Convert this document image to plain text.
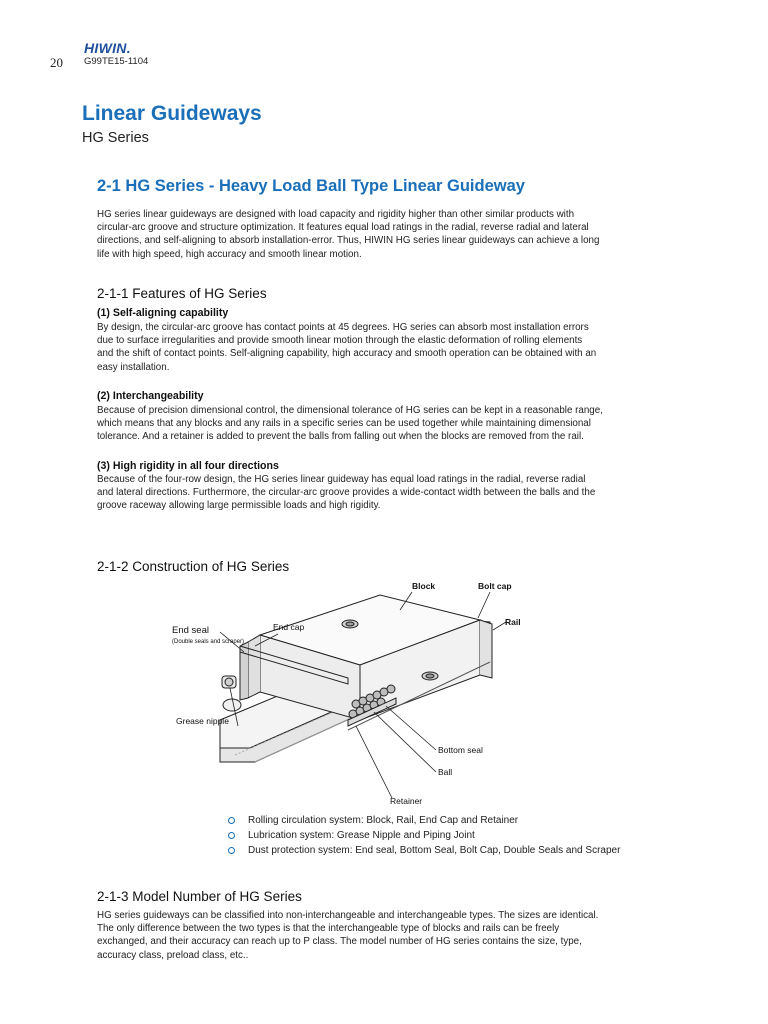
20
HIWIN.
G99TE15-1104
Linear Guideways
HG Series
2-1 HG Series - Heavy Load Ball Type Linear Guideway

HG series linear guideways are designed with load capacity and rigidity higher than other similar products with
circular-arc groove and structure optimization. It features equal load ratings in the radial, reverse radial and lateral
directions, and self-aligning to absorb installation-error. Thus, HIWIN HG series linear guideways can achieve a long
life with high speed, high accuracy and smooth linear motion.

2-1-1 Features of HG Series
(1) Self-aligning capability

By design, the circular-arc groove has contact points at 45 degrees. HG series can absorb most installation errors
due to surface irregularities and provide smooth linear motion through the elastic deformation of rolling elements
and the shift of contact points. Self-aligning capability, high accuracy and smooth operation can be obtained with an
easy installation.

(2) Interchangeability

Because of precision dimensional control, the dimensional tolerance of HG series can be kept in a reasonable range,
which means that any blocks and any rails in a specific series can be used together while maintaining dimensional
tolerance. And a retainer is added to prevent the balls from falling out when the blocks are removed from the rail.

(3) High rigidity in all four directions

Because of the four-row design, the HG series linear guideway has equal load ratings in the radial, reverse radial
and lateral directions. Furthermore, the circular-arc groove provides a wide-contact width between the balls and the
groove raceway allowing large permissible loads and high rigidity.

2-1-2 Construction of HG Series
Block	Bolt cap
Rail
End cap
End seal
(Double seals and scraper)
Grease nipple
Bottom seal
Ball
Retainer
Rolling circulation system: Block, Rail, End Cap and Retainer
Lubrication system: Grease Nipple and Piping Joint
Dust protection system: End seal, Bottom Seal, Bolt Cap, Double Seals and Scraper
2-1-3 Model Number of HG Series

HG series guideways can be classified into non-interchangeable and interchangeable types. The sizes are identical.
The only difference between the two types is that the interchangeable type of blocks and rails can be freely
exchanged, and their accuracy can reach up to P class. The model number of HG series contains the size, type,
accuracy class, preload class, etc..
